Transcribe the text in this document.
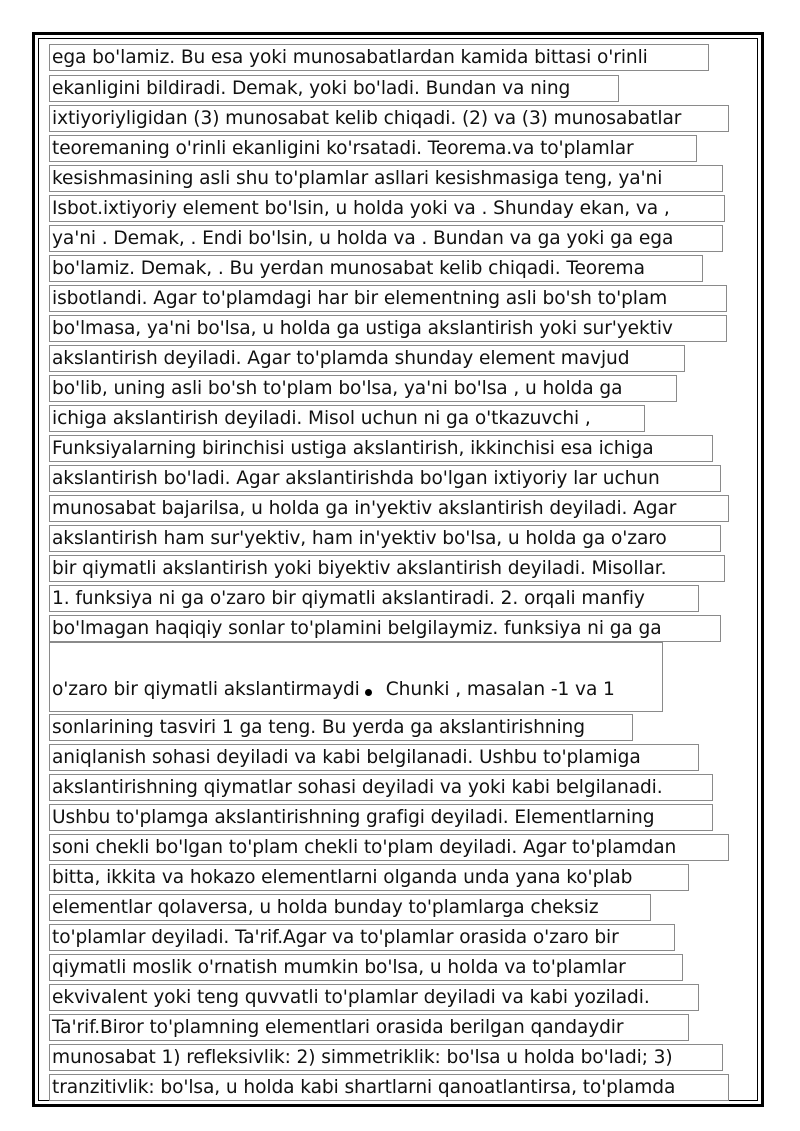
ega bo'lamiz. Bu esa yoki munosabatlardan kamida bittasi o'rinli
ekanligini bildiradi. Demak, yoki bo'ladi. Bundan va ning
ixtiyoriyligidan (3) munosabat kelib chiqadi. (2) va (3) munosabatlar
teoremaning o'rinli ekanligini ko'rsatadi. Teorema.va to'plamlar
kesishmasining asli shu to'plamlar asllari kesishmasiga teng, ya'ni
Isbot.ixtiyoriy element bo'lsin, u holda yoki va . Shunday ekan, va ,
ya'ni . Demak, . Endi bo'lsin, u holda va . Bundan va ga yoki ga ega
bo'lamiz. Demak, . Bu yerdan munosabat kelib chiqadi. Teorema
isbotlandi. Agar to'plamdagi har bir elementning asli bo'sh to'plam
bo'lmasa, ya'ni bo'lsa, u holda ga ustiga akslantirish yoki sur'yektiv
akslantirish deyiladi. Agar to'plamda shunday element mavjud
bo'lib, uning asli bo'sh to'plam bo'lsa, ya'ni bo'lsa , u holda ga
ichiga akslantirish deyiladi. Misol uchun ni ga o'tkazuvchi ,
Funksiyalarning birinchisi ustiga akslantirish, ikkinchisi esa ichiga
akslantirish bo'ladi. Agar akslantirishda bo'lgan ixtiyoriy lar uchun
munosabat bajarilsa, u holda ga in'yektiv akslantirish deyiladi. Agar
akslantirish ham sur'yektiv, ham in'yektiv bo'lsa, u holda ga o'zaro
bir qiymatli akslantirish yoki biyektiv akslantirish deyiladi. Misollar.
1. funksiya ni ga o'zaro bir qiymatli akslantiradi. 2. orqali manfiy
bo'lmagan haqiqiy sonlar to'plamini belgilaymiz. funksiya ni ga ga
o'zaro bir qiymatli akslantirmaydi Chunki , masalan -1 va 1
sonlarining tasviri 1 ga teng. Bu yerda ga akslantirishning
aniqlanish sohasi deyiladi va kabi belgilanadi. Ushbu to'plamiga
akslantirishning qiymatlar sohasi deyiladi va yoki kabi belgilanadi.
Ushbu to'plamga akslantirishning grafigi deyiladi. Elementlarning
soni chekli bo'lgan to'plam chekli to'plam deyiladi. Agar to'plamdan
bitta, ikkita va hokazo elementlarni olganda unda yana ko'plab
elementlar qolaversa, u holda bunday to'plamlarga cheksiz
to'plamlar deyiladi. Ta'rif.Agar va to'plamlar orasida o'zaro bir
qiymatli moslik o'rnatish mumkin bo'lsa, u holda va to'plamlar
ekvivalent yoki teng quvvatli to'plamlar deyiladi va kabi yoziladi.
Ta'rif.Biror to'plamning elementlari orasida berilgan qandaydir
munosabat 1) refleksivlik: 2) simmetriklik: bo'lsa u holda bo'ladi; 3)
tranzitivlik: bo'lsa, u holda kabi shartlarni qanoatlantirsa, to'plamda
